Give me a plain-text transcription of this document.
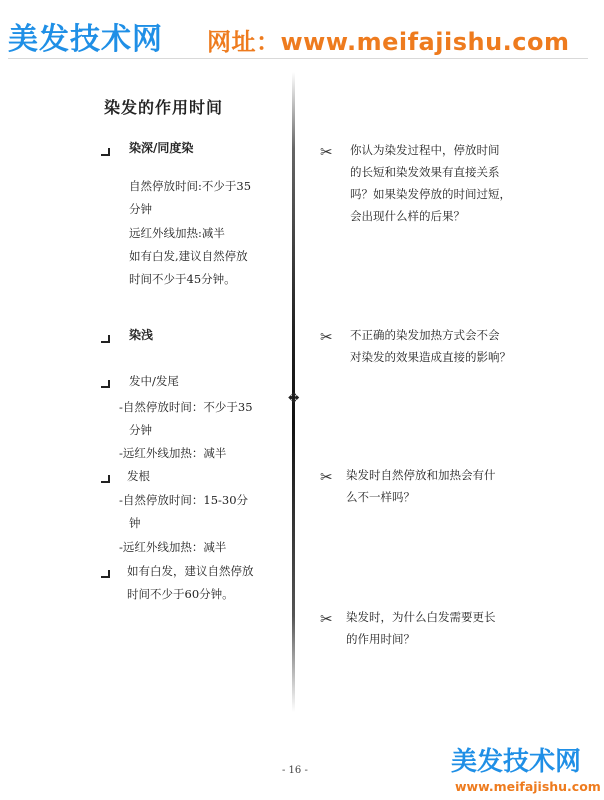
美发技术网 网址：www.meifajishu.com
染发的作用时间
染深/同度染
自然停放时间:不少于35
分钟
远红外线加热:减半
如有白发,建议自然停放
时间不少于45分钟。
染浅
发中/发尾
-自然停放时间：不少于35
分钟
-远红外线加热：减半
发根
-自然停放时间：15-30分
钟
-远红外线加热：减半
如有白发，建议自然停放
时间不少于60分钟。
❖
✂ 你认为染发过程中，停放时间
的长短和染发效果有直接关系
吗？如果染发停放的时间过短，
会出现什么样的后果？
✂ 不正确的染发加热方式会不会
对染发的效果造成直接的影响？
✂ 染发时自然停放和加热会有什
么不一样吗？
✂ 染发时，为什么白发需要更长
的作用时间？
- 16 -	美发技术网
www.meifajishu.com
